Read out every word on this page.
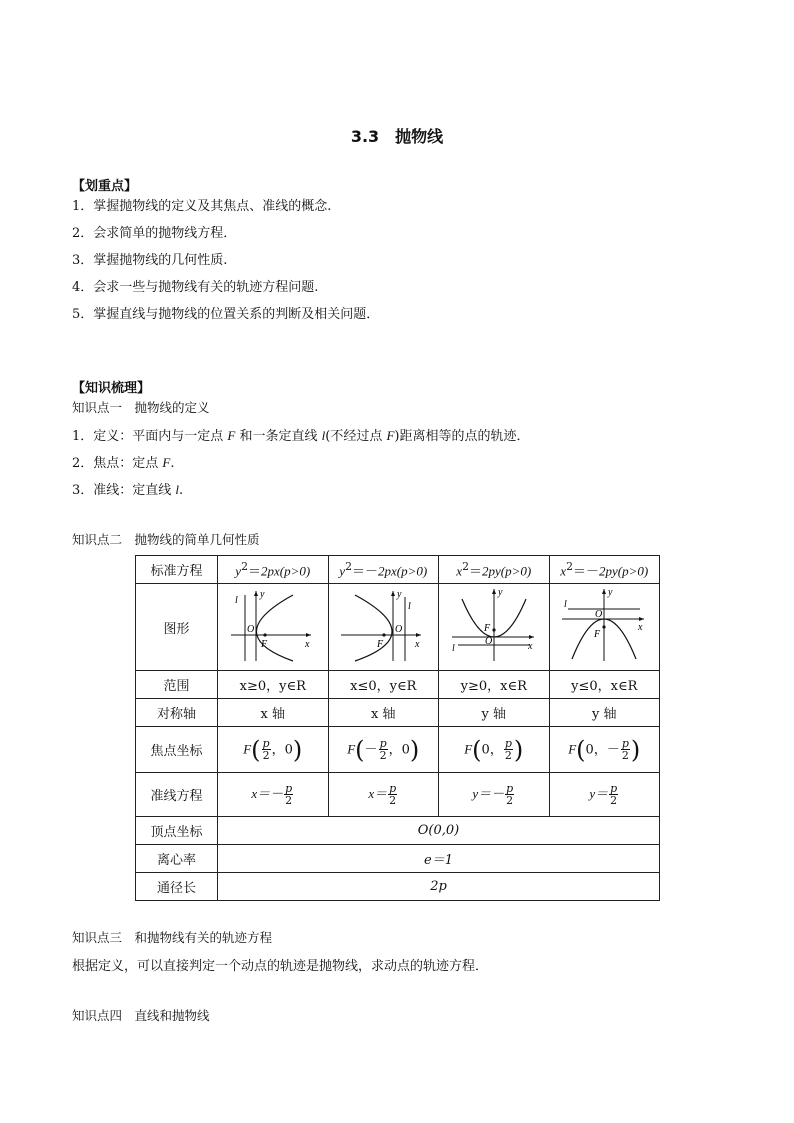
3.3　抛物线
【划重点】
1．掌握抛物线的定义及其焦点、准线的概念.
2．会求简单的抛物线方程．
3．掌握抛物线的几何性质.
4．会求一些与抛物线有关的轨迹方程问题.
5．掌握直线与抛物线的位置关系的判断及相关问题．
【知识梳理】
知识点一　抛物线的定义
1．定义：平面内与一定点 F 和一条定直线 l(不经过点 F)距离相等的点的轨迹．
2．焦点：定点 F.
3．准线：定直线 l.
知识点二　抛物线的简单几何性质
标准方程	$y^2=2px(p>0)$	$y^2=-2px(p>0)$	$x^2=2py(p>0)$	$x^2=-2py(p>0)$
图形	l
y
O
F x	y
l
O
F x	y
F
O
l x	y
l
O
F
x

范围	x≥0，y∈R	x≤0，y∈R	y≥0，x∈R	y≤0，x∈R
对称轴	x 轴	x 轴	y 轴	y 轴
焦点坐标	$F( \frac{p}{2}$ ，0)	$F(- \frac{p}{2}$ ，0)	F(0， $\frac{p}{2}$ )	F(0，－ $\frac{p}{2}$ )
准线方程	$x=- \frac{p}{2}$	$x= \frac{p}{2}$	$y=- \frac{p}{2}$	$y= \frac{p}{2}$

顶点坐标	O(0,0)			
离心率	e＝1			
通径长	2p			
知识点三　和抛物线有关的轨迹方程
根据定义，可以直接判定一个动点的轨迹是抛物线，求动点的轨迹方程．
知识点四　直线和抛物线
